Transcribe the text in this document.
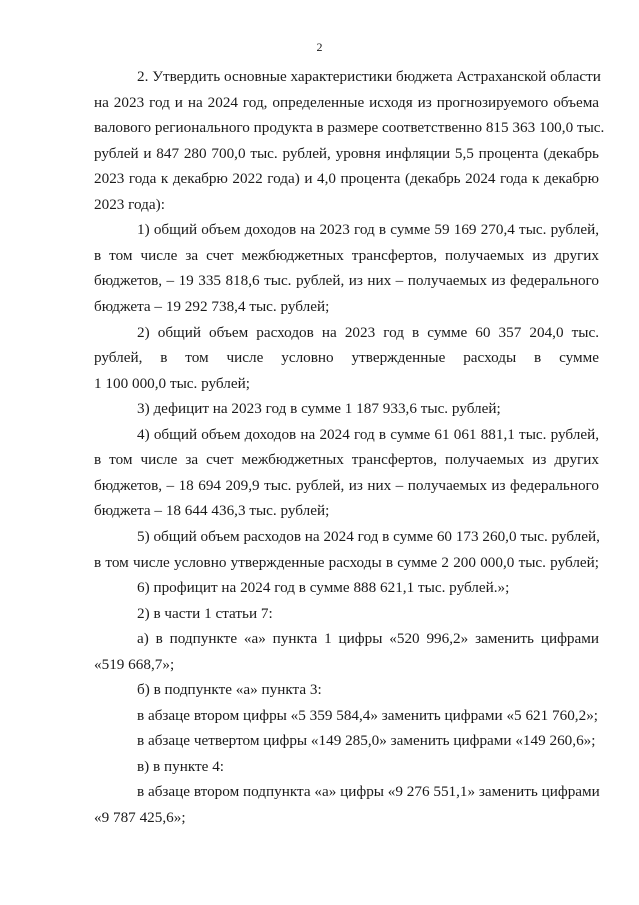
2
2. Утвердить основные характеристики бюджета Астраханской области
на 2023 год и на 2024 год, определенные исходя из прогнозируемого объема
валового регионального продукта в размере соответственно 815 363 100,0 тыс.
рублей и 847 280 700,0 тыс. рублей, уровня инфляции 5,5 процента (декабрь
2023 года к декабрю 2022 года) и 4,0 процента (декабрь 2024 года к декабрю
2023 года):
1) общий объем доходов на 2023 год в сумме 59 169 270,4 тыс. рублей,
в том числе за счет межбюджетных трансфертов, получаемых из других
бюджетов, – 19 335 818,6 тыс. рублей, из них – получаемых из федерального
бюджета – 19 292 738,4 тыс. рублей;
2) общий объем расходов на 2023 год в сумме 60 357 204,0 тыс.
рублей, в том числе условно утвержденные расходы в сумме
1 100 000,0 тыс. рублей;
3) дефицит на 2023 год в сумме 1 187 933,6 тыс. рублей;
4) общий объем доходов на 2024 год в сумме 61 061 881,1 тыс. рублей,
в том числе за счет межбюджетных трансфертов, получаемых из других
бюджетов, – 18 694 209,9 тыс. рублей, из них – получаемых из федерального
бюджета – 18 644 436,3 тыс. рублей;
5) общий объем расходов на 2024 год в сумме 60 173 260,0 тыс. рублей,
в том числе условно утвержденные расходы в сумме 2 200 000,0 тыс. рублей;
6) профицит на 2024 год в сумме 888 621,1 тыс. рублей.»;
2) в части 1 статьи 7:
а) в подпункте «а» пункта 1 цифры «520 996,2» заменить цифрами
«519 668,7»;
б) в подпункте «а» пункта 3:
в абзаце втором цифры «5 359 584,4» заменить цифрами «5 621 760,2»;
в абзаце четвертом цифры «149 285,0» заменить цифрами «149 260,6»;
в) в пункте 4:
в абзаце втором подпункта «а» цифры «9 276 551,1» заменить цифрами
«9 787 425,6»;
